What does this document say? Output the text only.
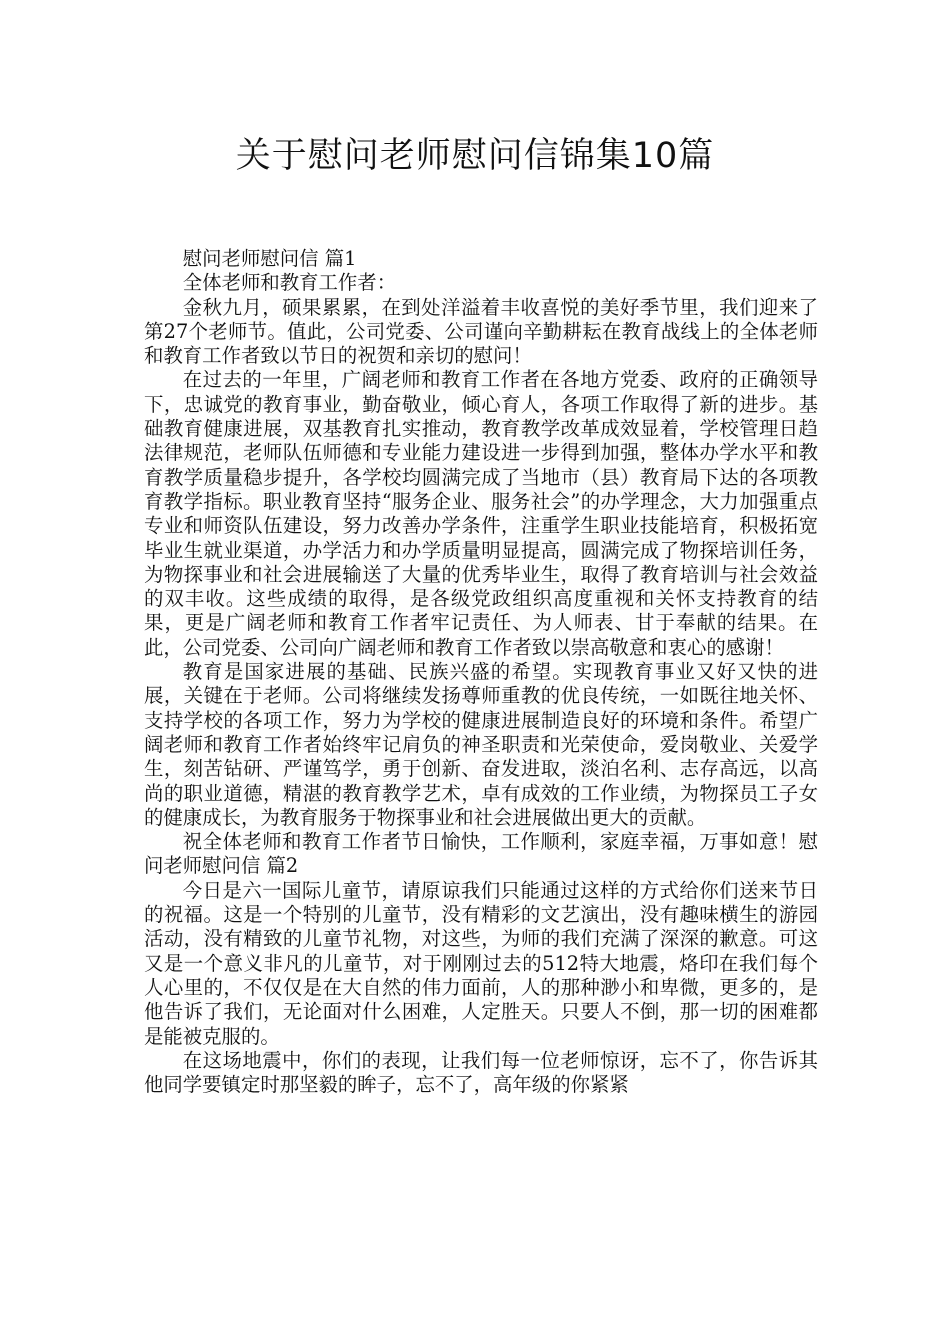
关于慰问老师慰问信锦集10篇

慰问老师慰问信 篇1

全体老师和教育工作者：

金秋九月，硕果累累，在到处洋溢着丰收喜悦的美好季节里，我们迎来了第27个老师节。值此，公司党委、公司谨向辛勤耕耘在教育战线上的全体老师和教育工作者致以节日的祝贺和亲切的慰问！

在过去的一年里，广阔老师和教育工作者在各地方党委、政府的正确领导下，忠诚党的教育事业，勤奋敬业，倾心育人，各项工作取得了新的进步。基础教育健康进展，双基教育扎实推动，教育教学改革成效显着，学校管理日趋法律规范，老师队伍师德和专业能力建设进一步得到加强，整体办学水平和教育教学质量稳步提升，各学校均圆满完成了当地市（县）教育局下达的各项教育教学指标。职业教育坚持“服务企业、服务社会”的办学理念，大力加强重点专业和师资队伍建设，努力改善办学条件，注重学生职业技能培育，积极拓宽毕业生就业渠道，办学活力和办学质量明显提高，圆满完成了物探培训任务，为物探事业和社会进展输送了大量的优秀毕业生，取得了教育培训与社会效益的双丰收。这些成绩的取得，是各级党政组织高度重视和关怀支持教育的结果，更是广阔老师和教育工作者牢记责任、为人师表、甘于奉献的结果。在此，公司党委、公司向广阔老师和教育工作者致以崇高敬意和衷心的感谢！

教育是国家进展的基础、民族兴盛的希望。实现教育事业又好又快的进展，关键在于老师。公司将继续发扬尊师重教的优良传统，一如既往地关怀、支持学校的各项工作，努力为学校的健康进展制造良好的环境和条件。希望广阔老师和教育工作者始终牢记肩负的神圣职责和光荣使命，爱岗敬业、关爱学生，刻苦钻研、严谨笃学，勇于创新、奋发进取，淡泊名利、志存高远，以高尚的职业道德，精湛的教育教学艺术，卓有成效的工作业绩，为物探员工子女的健康成长，为教育服务于物探事业和社会进展做出更大的贡献。

祝全体老师和教育工作者节日愉快，工作顺利，家庭幸福，万事如意！慰问老师慰问信 篇2

今日是六一国际儿童节，请原谅我们只能通过这样的方式给你们送来节日的祝福。这是一个特别的儿童节，没有精彩的文艺演出，没有趣味横生的游园活动，没有精致的儿童节礼物，对这些，为师的我们充满了深深的歉意。可这又是一个意义非凡的儿童节，对于刚刚过去的512特大地震，烙印在我们每个人心里的，不仅仅是在大自然的伟力面前，人的那种渺小和卑微，更多的，是他告诉了我们，无论面对什么困难，人定胜天。只要人不倒，那一切的困难都是能被克服的。

在这场地震中，你们的表现，让我们每一位老师惊讶，忘不了，你告诉其他同学要镇定时那坚毅的眸子，忘不了，高年级的你紧紧
